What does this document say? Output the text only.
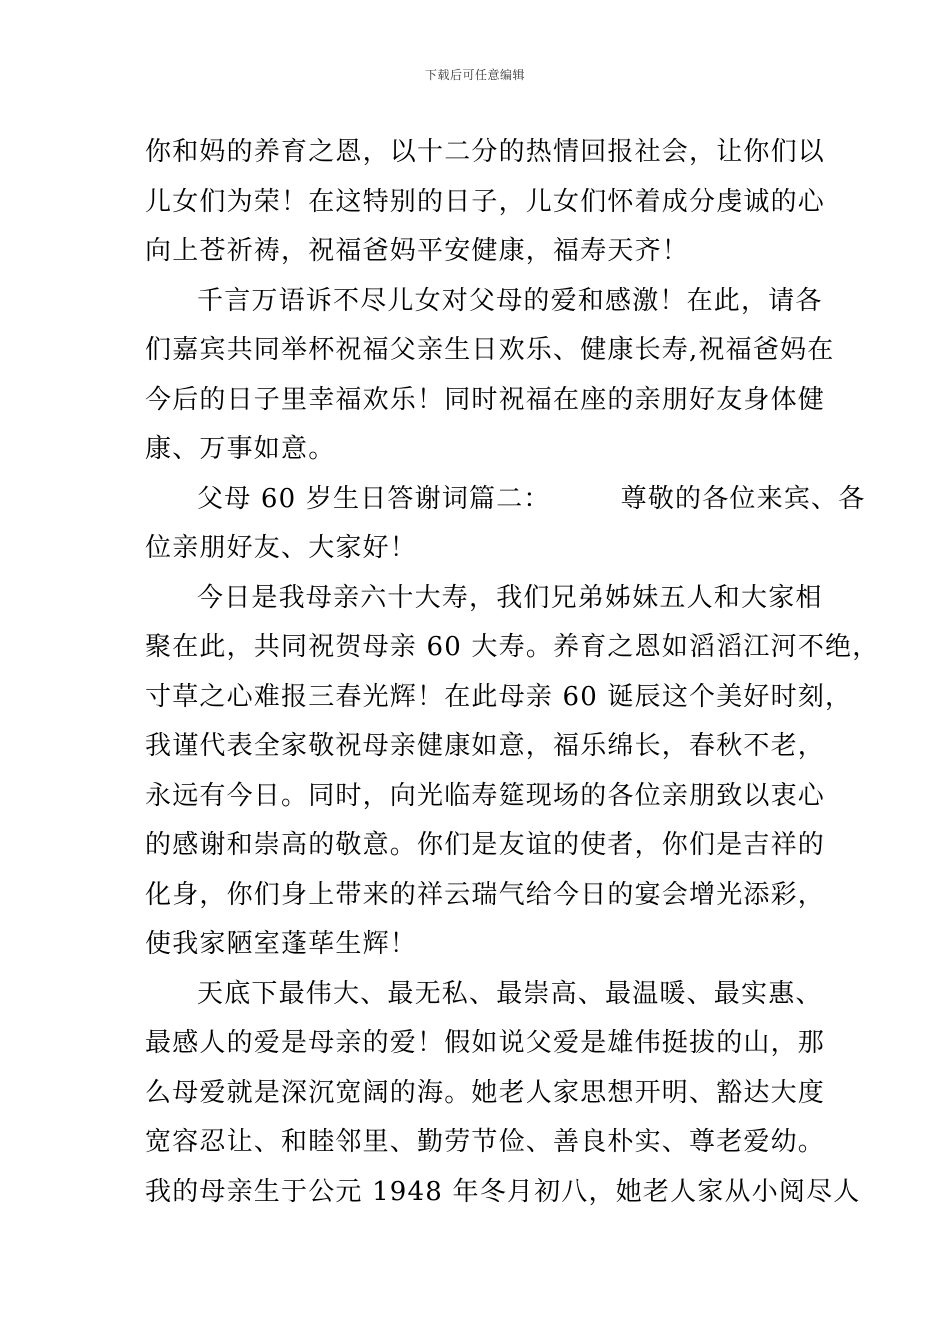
下载后可任意编辑
你和妈的养育之恩，以十二分的热情回报社会，让你们以
儿女们为荣！在这特别的日子，儿女们怀着成分虔诚的心
向上苍祈祷，祝福爸妈平安健康，福寿天齐！
千言万语诉不尽儿女对父母的爱和感激！在此，请各
们嘉宾共同举杯祝福父亲生日欢乐、健康长寿,祝福爸妈在
今后的日子里幸福欢乐！同时祝福在座的亲朋好友身体健
康、万事如意。
父母 60 岁生日答谢词篇二：	尊敬的各位来宾、各
位亲朋好友、大家好！
今日是我母亲六十大寿，我们兄弟姊妹五人和大家相
聚在此，共同祝贺母亲 60 大寿。养育之恩如滔滔江河不绝，
寸草之心难报三春光辉！在此母亲 60 诞辰这个美好时刻，
我谨代表全家敬祝母亲健康如意，福乐绵长，春秋不老，
永远有今日。同时，向光临寿筵现场的各位亲朋致以衷心
的感谢和崇高的敬意。你们是友谊的使者，你们是吉祥的
化身，你们身上带来的祥云瑞气给今日的宴会增光添彩，
使我家陋室蓬荜生辉！
天底下最伟大、最无私、最崇高、最温暖、最实惠、
最感人的爱是母亲的爱！假如说父爱是雄伟挺拔的山，那
么母爱就是深沉宽阔的海。她老人家思想开明、豁达大度
宽容忍让、和睦邻里、勤劳节俭、善良朴实、尊老爱幼。
我的母亲生于公元 1948 年冬月初八，她老人家从小阅尽人
